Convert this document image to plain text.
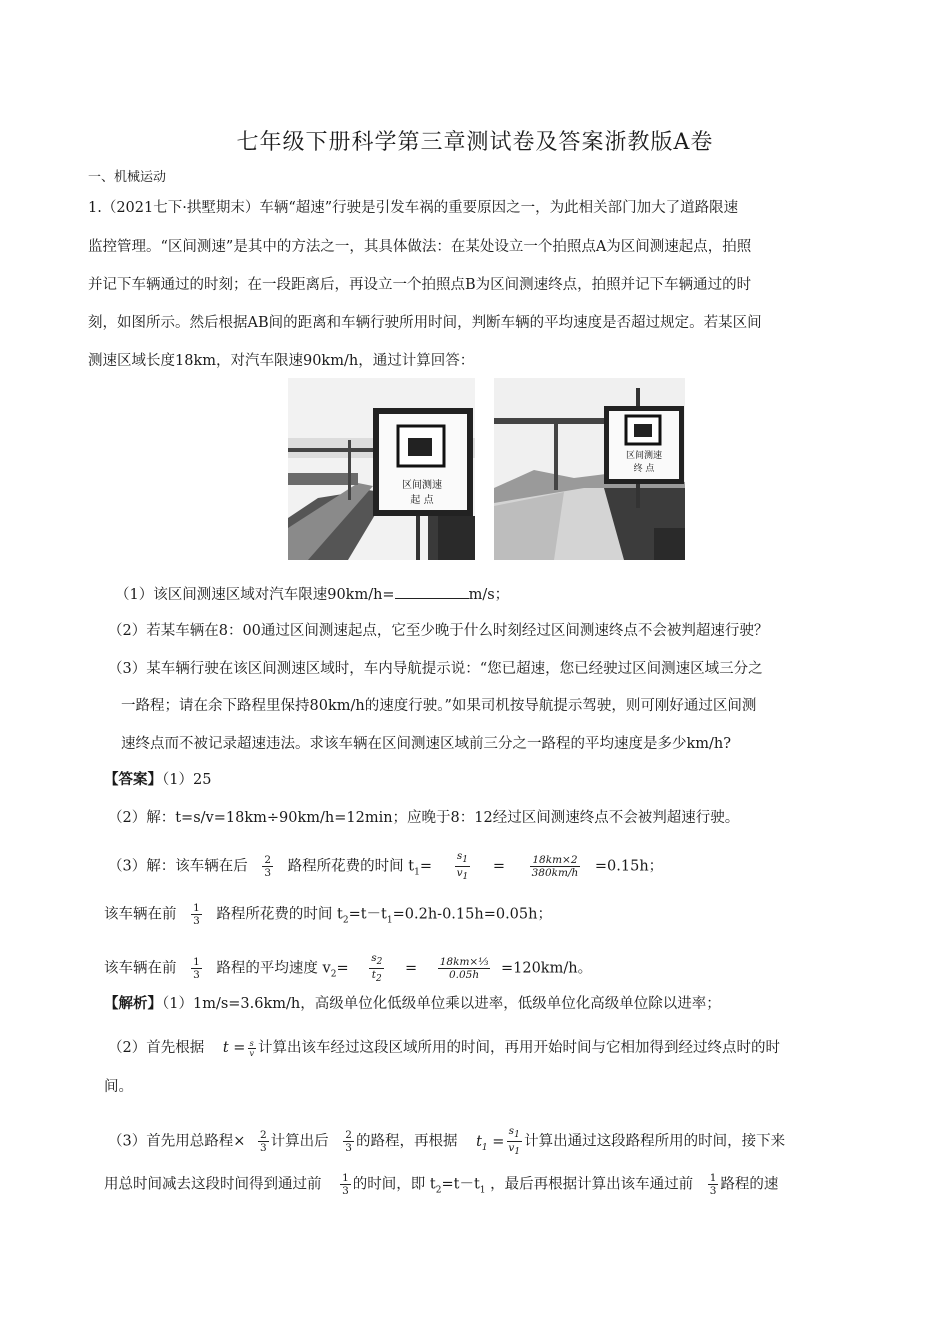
七年级下册科学第三章测试卷及答案浙教版A卷
一、机械运动
1.（2021七下·拱墅期末）车辆“超速”行驶是引发车祸的重要原因之一，为此相关部门加大了道路限速
监控管理。“区间测速”是其中的方法之一，其具体做法：在某处设立一个拍照点A为区间测速起点，拍照
并记下车辆通过的时刻；在一段距离后，再设立一个拍照点B为区间测速终点，拍照并记下车辆通过的时
刻，如图所示。然后根据AB间的距离和车辆行驶所用时间，判断车辆的平均速度是否超过规定。若某区间
测速区域长度18km，对汽车限速90km/h，通过计算回答：
区间测速
起 点
区间测速
终 点
（1）该区间测速区域对汽车限速90km/h=	m/s；
（2）若某车辆在8：00通过区间测速起点，它至少晚于什么时刻经过区间测速终点不会被判超速行驶？
（3）某车辆行驶在该区间测速区域时，车内导航提示说：“您已超速，您已经驶过区间测速区域三分之
一路程；请在余下路程里保持80km/h的速度行驶。”如果司机按导航提示驾驶，则可刚好通过区间测
速终点而不被记录超速违法。求该车辆在区间测速区域前三分之一路程的平均速度是多少km/h?
【答案】（1）25
（2）解：t=s/v=18km÷90km/h=12min；应晚于8：12经过区间测速终点不会被判超速行驶。
（3）解：该车辆在后 $\frac{2}{3}$ 路程所花费的时间 $t_1= \frac{s_1}{v_1} = \frac{18km\times 2}{\text{380km/ℎ}} =0.15h$；
该车辆在前 $\frac{1}{3}$ 路程所花费的时间 $t_2=t-t_1=0.2h-0.15h=0.05h$；
该车辆在前 $\frac{1}{3}$ 路程的平均速度 $v_2= \frac{s_2}{t_2} = \frac{\text{18km×⅓}}{\text{0.05ℎ}} =120km/h$。
【解析】（1）1m/s=3.6km/h，高级单位化低级单位乘以进率，低级单位化高级单位除以进率；
（2）首先根据 $t = \frac{s}{v}$ 计算出该车经过这段区域所用的时间，再用开始时间与它相加得到经过终点时的时
间。
（3）首先用总路程× $\frac{2}{3}$ 计算出后 $\frac{2}{3}$ 的路程，再根据 $t_1 = \frac{s_1}{v_1}$ 计算出通过这段路程所用的时间，接下来
用总时间减去这段时间得到通过前 $\frac{1}{3}$ 的时间，即 $t_2=t-t_1$ ，最后再根据计算出该车通过前 $\frac{1}{3}$ 路程的速
